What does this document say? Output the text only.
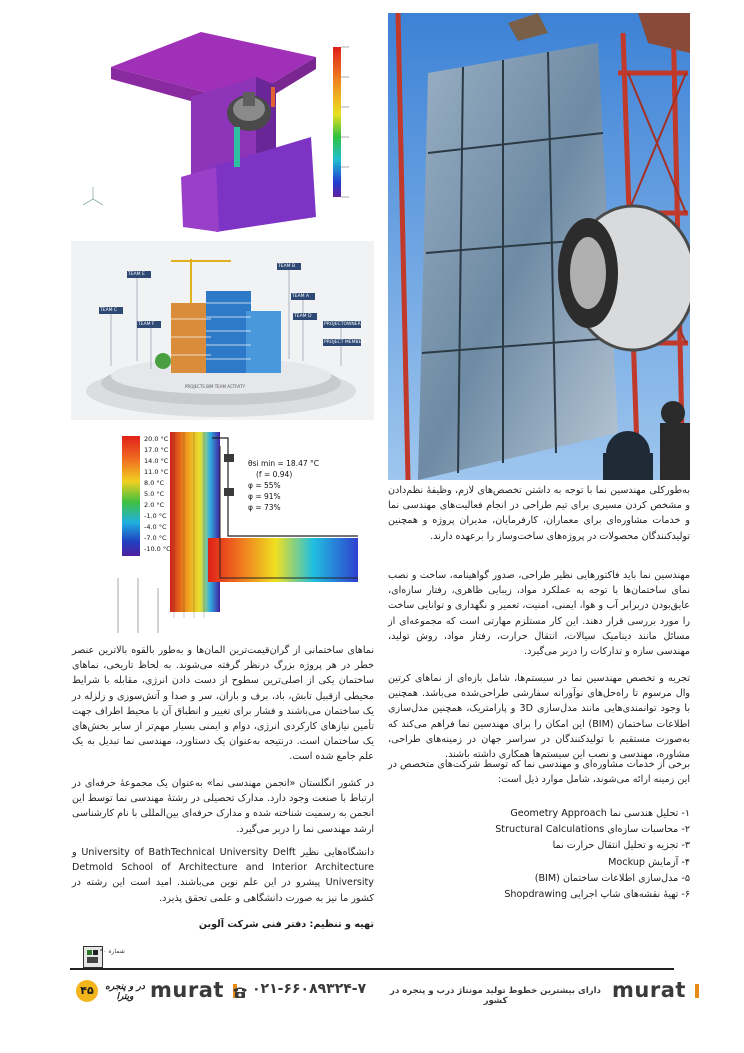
TEAM E
TEAM B
TEAM C
TEAM A
TEAM F
TEAM D
PROJECTOWNER
PROJECT MEMBER
PROJECTS BIM TEAM ACTIVITY
20.0 °C
17.0 °C
14.0 °C
11.0 °C
8.0 °C
5.0 °C
2.0 °C
-1.0 °C
-4.0 °C
-7.0 °C
-10.0 °C
θsi min = 18.47 °C
(f = 0.94)
φ = 55%
φ = 91%
φ = 73%

به‌طورکلی مهندسین نما با توجه به داشتن تخصص‌های لازم، وظیفهٔ نظم‌دادن و مشخص کردن مسیری برای تیم طراحی در انجام فعالیت‌های مهندسی نما و خدمات مشاوره‌ای برای معماران، کارفرمایان، مدیران پروژه و همچنین تولیدکنندگان محصولات در پروژه‌های ساخت‌وساز را برعهده دارند.

مهندسین نما باید فاکتورهایی نظیر طراحی، صدور گواهینامه، ساخت و نصب نمای ساختمان‌ها با توجه به عملکرد مواد، زیبایی ظاهری، رفتار سازه‌ای، عایق‌بودن دربرابر آب و هوا، ایمنی، امنیت، تعمیر و نگهداری و توانایی ساخت را مورد بررسی قرار دهند. این کار مستلزم مهارتی است که مجموعه‌ای از مسائل مانند دینامیک سیالات، انتقال حرارت، رفتار مواد، روش تولید، مهندسی سازه و تدارکات را دربر می‌گیرد.

تجربه و تخصص مهندسین نما در سیستم‌ها، شامل بازه‌ای از نماهای کرتین وال مرسوم تا راه‌حل‌های نوآورانه سفارشی طراحی‌شده می‌باشد. همچنین با وجود توانمندی‌هایی مانند مدل‌سازی 3D و پارامتریک، همچنین مدل‌سازی اطلاعات ساختمان (BIM) این امکان را برای مهندسین نما فراهم می‌کند که به‌صورت مستقیم با تولیدکنندگان در سراسر جهان در زمینه‌های طراحی، مشاوره، مهندسی و نصب این سیستم‌ها همکاری داشته باشند.

برخی از خدمات مشاوره‌ای و مهندسی نما که توسط شرکت‌های متخصص در این زمینه ارائه می‌شوند، شامل موارد ذیل است:

۱- تحلیل هندسی نما Geometry Approach
۲- محاسبات سازه‌ای Structural Calculations
۳- تجزیه و تحلیل انتقال حرارت نما
۴- آزمایش Mockup
۵- مدل‌سازی اطلاعات ساختمان (BIM)
۶- تهیهٔ نقشه‌های شاپ اجرایی Shopdrawing

نماهای ساختمانی از گران‌قیمت‌ترین المان‌ها و به‌طور بالقوه بالاترین عنصر خطر در هر پروژه بزرگ درنظر گرفته می‌شوند. به لحاظ تاریخی، نماهای ساختمان یکی از اصلی‌ترین سطوح از دست دادن انرژی، مقابله با شرایط محیطی ازقبیل تابش، باد، برف و باران، سر و صدا و آتش‌سوزی و زلزله در یک ساختمان می‌باشند و فشار برای تغییر و انطباق آن با محیط اطراف جهت تأمین نیازهای کارکردی انرژی، دوام و ایمنی بسیار مهم‌تر از سایر بخش‌های یک ساختمان است. درنتیجه به‌عنوان یک دستاورد، مهندسی نما تبدیل به یک علم جامع شده است.

در کشور انگلستان «انجمن مهندسی نما» به‌عنوان یک مجموعهٔ حرفه‌ای در ارتباط با صنعت وجود دارد. مدارک تحصیلی در رشتهٔ مهندسی نما توسط این انجمن به رسمیت شناخته شده و مدارک حرفه‌ای بین‌المللی با نام کارشناسی ارشد مهندسی نما را دربر می‌گیرد.

دانشگاه‌هایی نظیر University of BathTechnical University Delft و Detmold School of Architecture and Interior Architecture University پیشرو در این علم نوین می‌باشند. امید است این رشته در کشور ما نیز به صورت دانشگاهی و علمی تحقق پذیرد.

تهیه و تنظیم: دفتر فنی شرکت آلوین

شماره ۹۰
۴۵	در و پنجره ویترا murat	۰۲۱-۶۶۰۸۹۳۲۴-۷	دارای بیشترین خطوط تولید مونتاژ درب و پنجره در کشور	murat
